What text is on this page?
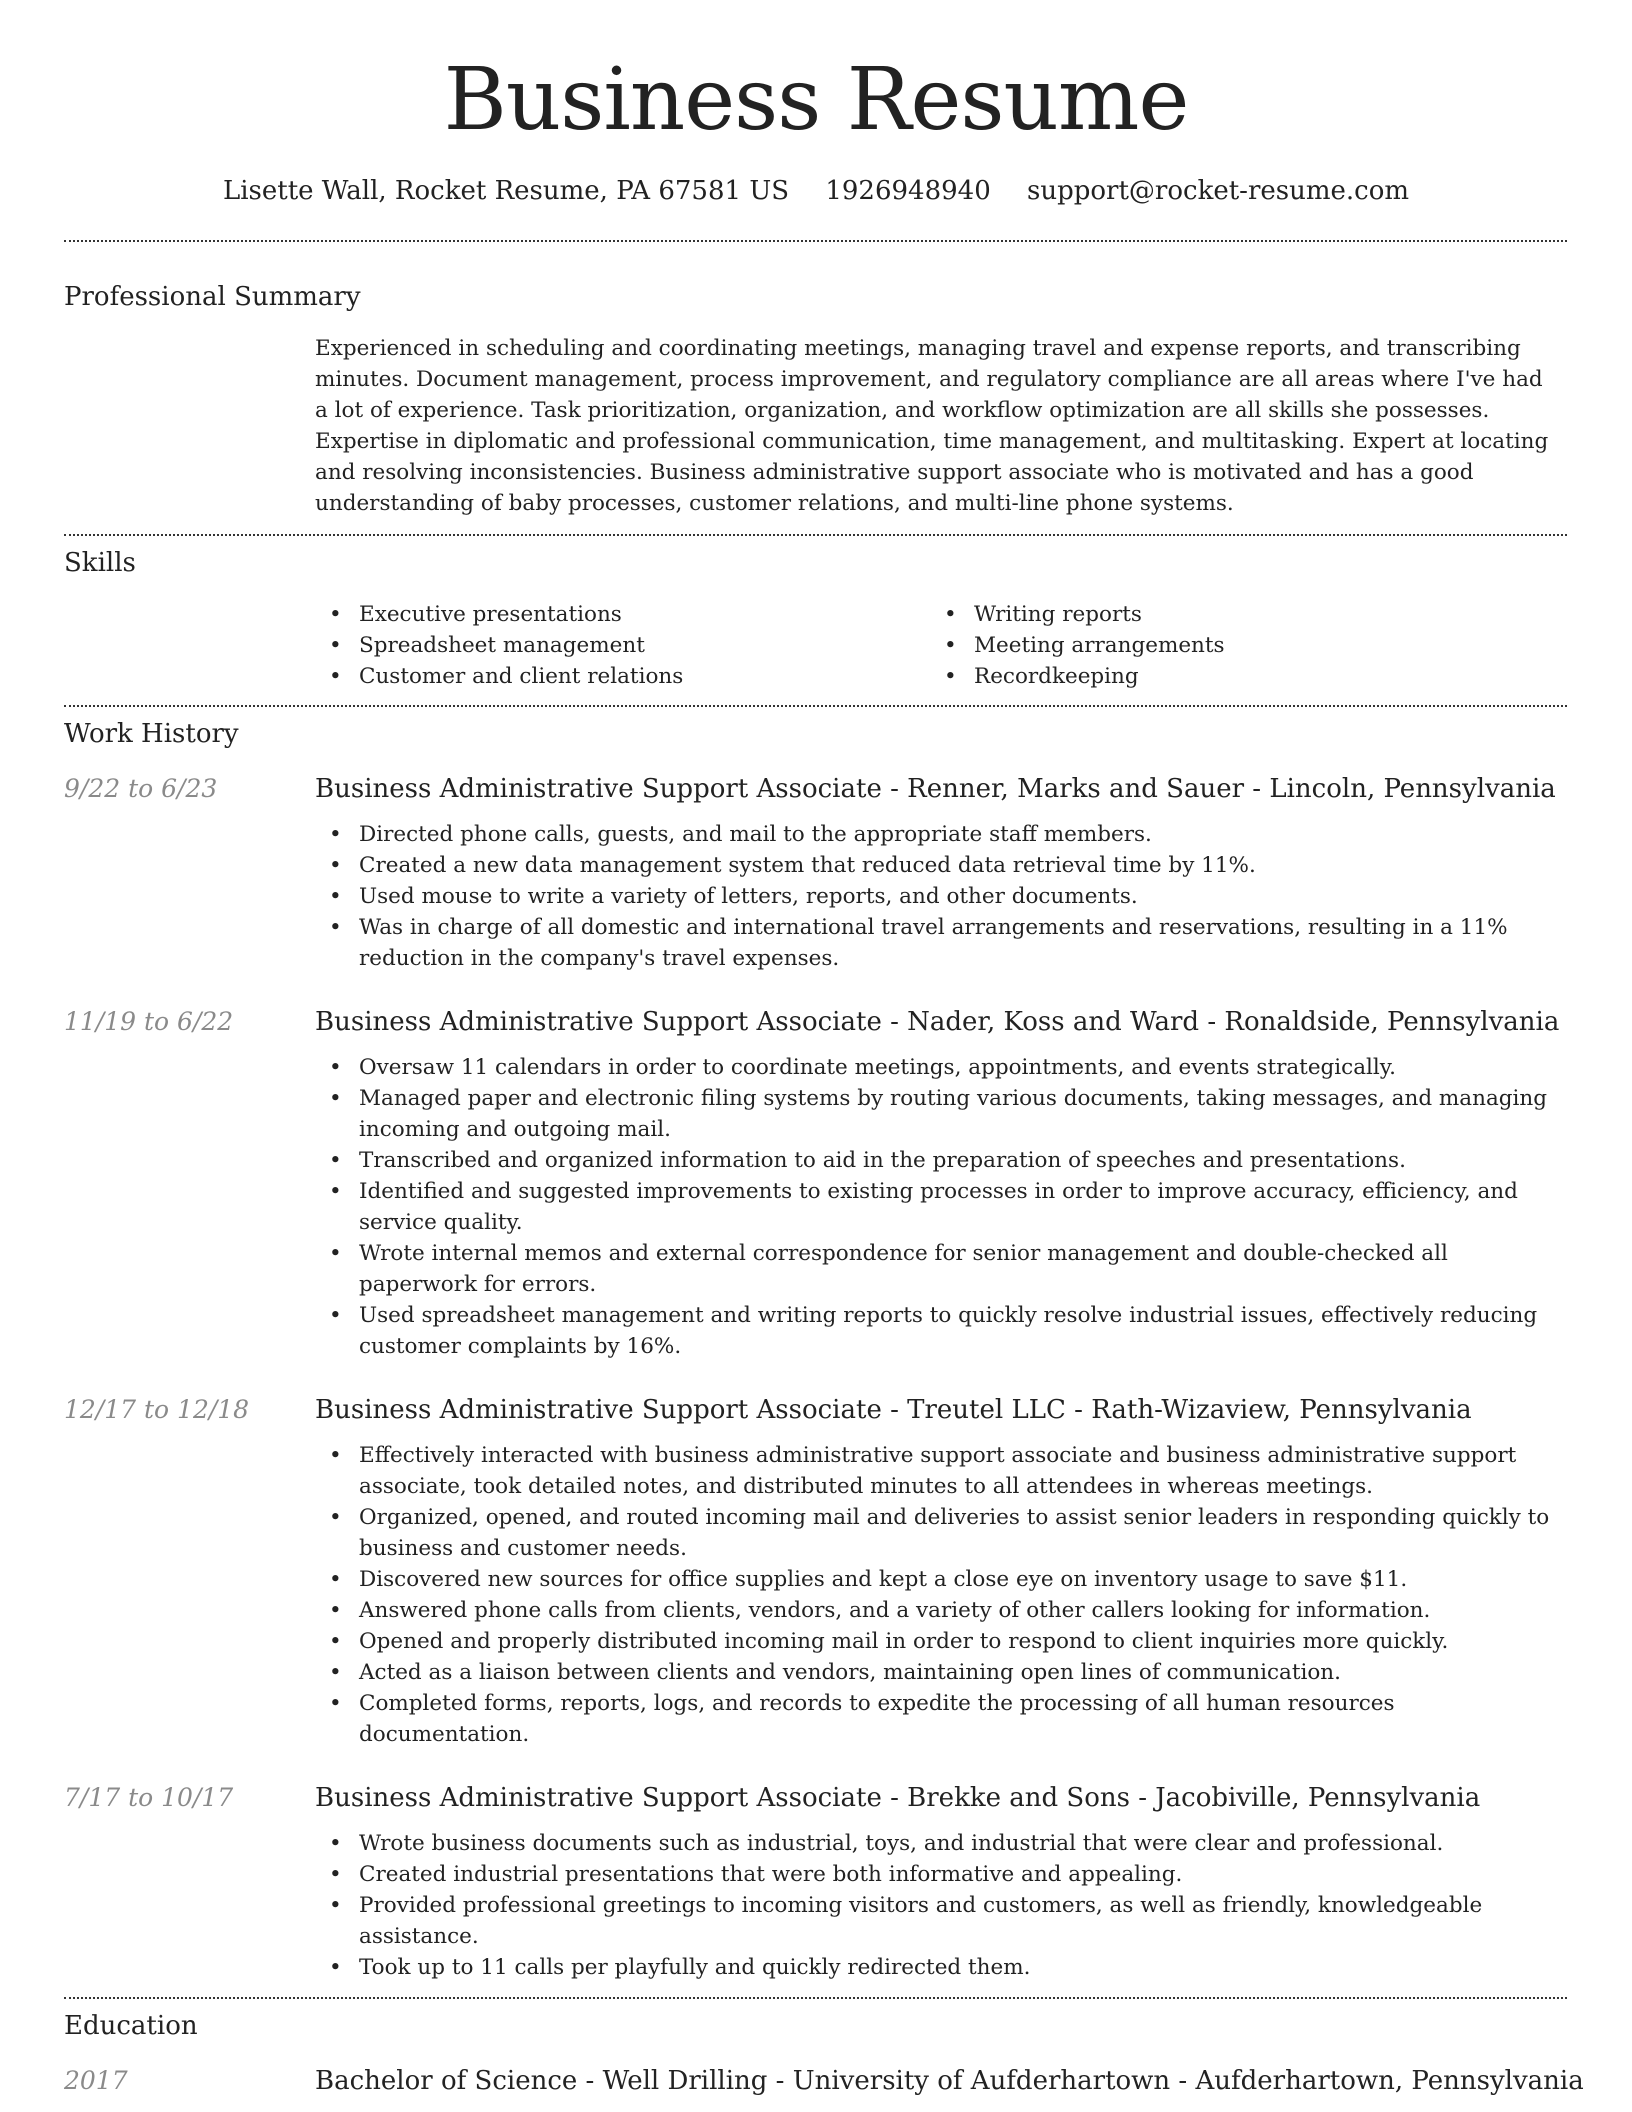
Business Resume
Lisette Wall, Rocket Resume, PA 67581 US 1926948940 support@rocket-resume.com
Professional Summary

Experienced in scheduling and coordinating meetings, managing travel and expense reports, and transcribing minutes. Document management, process improvement, and regulatory compliance are all areas where I've had a lot of experience. Task prioritization, organization, and workflow optimization are all skills she possesses. Expertise in diplomatic and professional communication, time management, and multitasking. Expert at locating and resolving inconsistencies. Business administrative support associate who is motivated and has a good understanding of baby processes, customer relations, and multi-line phone systems.

Skills
• Executive presentations
• Spreadsheet management
• Customer and client relations
• Writing reports
• Meeting arrangements
• Recordkeeping
Work History
9/22 to 6/23	Business Administrative Support Associate - Renner, Marks and Sauer - Lincoln, Pennsylvania
• Directed phone calls, guests, and mail to the appropriate staff members.
• Created a new data management system that reduced data retrieval time by 11%.
• Used mouse to write a variety of letters, reports, and other documents.
• Was in charge of all domestic and international travel arrangements and reservations, resulting in a 11% reduction in the company's travel expenses.
11/19 to 6/22	Business Administrative Support Associate - Nader, Koss and Ward - Ronaldside, Pennsylvania
• Oversaw 11 calendars in order to coordinate meetings, appointments, and events strategically.
• Managed paper and electronic filing systems by routing various documents, taking messages, and managing incoming and outgoing mail.
• Transcribed and organized information to aid in the preparation of speeches and presentations.
• Identified and suggested improvements to existing processes in order to improve accuracy, efficiency, and service quality.
• Wrote internal memos and external correspondence for senior management and double-checked all paperwork for errors.
• Used spreadsheet management and writing reports to quickly resolve industrial issues, effectively reducing customer complaints by 16%.
12/17 to 12/18	Business Administrative Support Associate - Treutel LLC - Rath-Wizaview, Pennsylvania
• Effectively interacted with business administrative support associate and business administrative support associate, took detailed notes, and distributed minutes to all attendees in whereas meetings.
• Organized, opened, and routed incoming mail and deliveries to assist senior leaders in responding quickly to business and customer needs.
• Discovered new sources for office supplies and kept a close eye on inventory usage to save $11.
• Answered phone calls from clients, vendors, and a variety of other callers looking for information.
• Opened and properly distributed incoming mail in order to respond to client inquiries more quickly.
• Acted as a liaison between clients and vendors, maintaining open lines of communication.
• Completed forms, reports, logs, and records to expedite the processing of all human resources documentation.
7/17 to 10/17	Business Administrative Support Associate - Brekke and Sons - Jacobiville, Pennsylvania
• Wrote business documents such as industrial, toys, and industrial that were clear and professional.
• Created industrial presentations that were both informative and appealing.
• Provided professional greetings to incoming visitors and customers, as well as friendly, knowledgeable assistance.
• Took up to 11 calls per playfully and quickly redirected them.
Education
2017	Bachelor of Science - Well Drilling - University of Aufderhartown - Aufderhartown, Pennsylvania
